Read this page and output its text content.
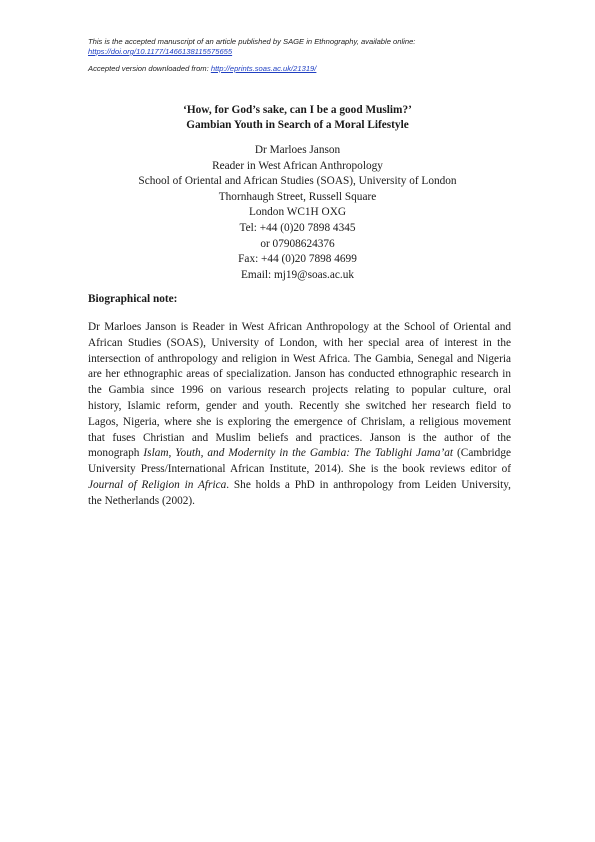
This is the accepted manuscript of an article published by SAGE in Ethnography, available online:
https://doi.org/10.1177/1466138115575655
Accepted version downloaded from: http://eprints.soas.ac.uk/21319/
‘How, for God’s sake, can I be a good Muslim?’
Gambian Youth in Search of a Moral Lifestyle
Dr Marloes Janson
Reader in West African Anthropology
School of Oriental and African Studies (SOAS), University of London
Thornhaugh Street, Russell Square
London WC1H OXG
Tel: +44 (0)20 7898 4345
or 07908624376
Fax: +44 (0)20 7898 4699
Email: mj19@soas.ac.uk
Biographical note:
Dr Marloes Janson is Reader in West African Anthropology at the School of Oriental and
African Studies (SOAS), University of London, with her special area of interest in the
intersection of anthropology and religion in West Africa. The Gambia, Senegal and Nigeria
are her ethnographic areas of specialization. Janson has conducted ethnographic research in
the Gambia since 1996 on various research projects relating to popular culture, oral
history, Islamic reform, gender and youth. Recently she switched her research field to
Lagos, Nigeria, where she is exploring the emergence of Chrislam, a religious movement
that fuses Christian and Muslim beliefs and practices. Janson is the author of the
monograph Islam, Youth, and Modernity in the Gambia: The Tablighi Jama’at (Cambridge
University Press/International African Institute, 2014). She is the book reviews editor of
Journal of Religion in Africa. She holds a PhD in anthropology from Leiden University,
the Netherlands (2002).
